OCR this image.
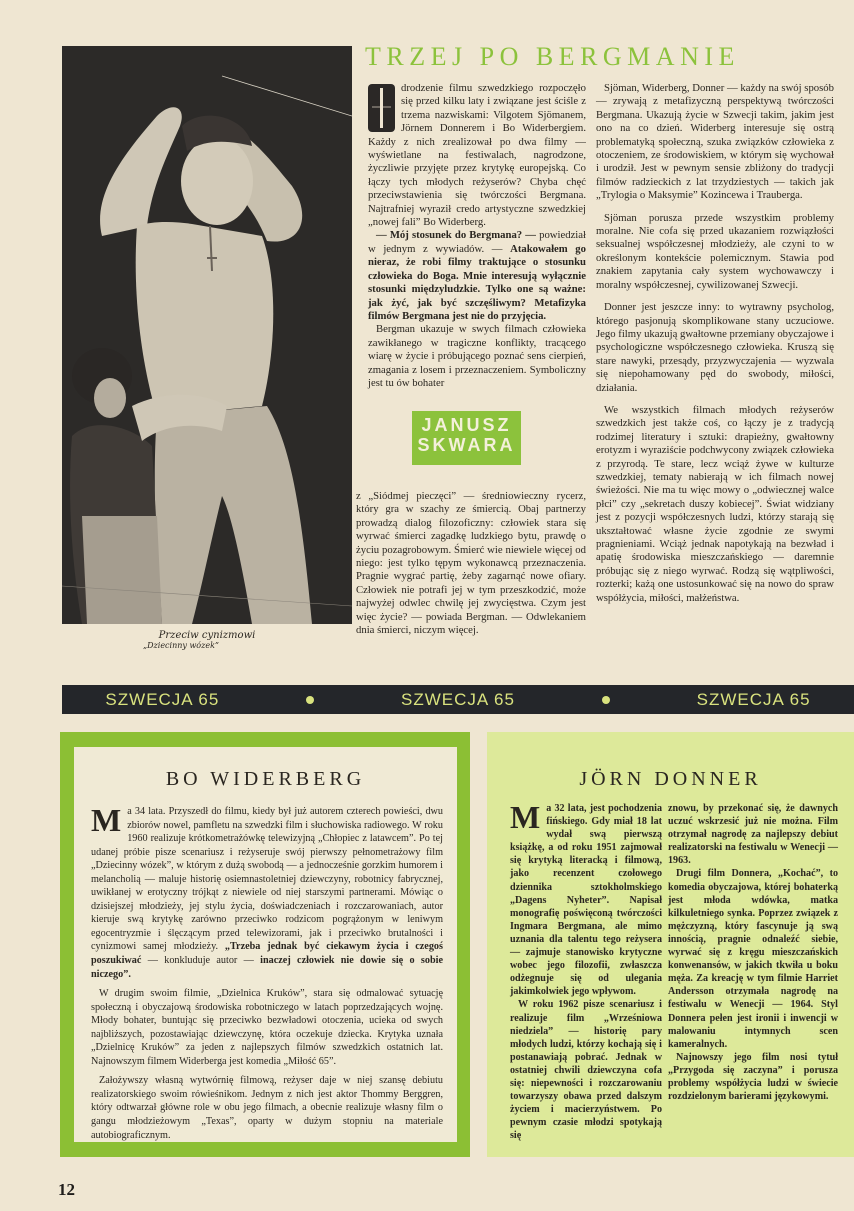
Przeciw cynizmowi
„Dziecinny wózek”
TRZEJ PO BERGMANIE

drodzenie filmu szwedzkiego rozpoczęło się przed kilku laty i związane jest ściśle z trzema nazwiskami: Vilgotem Sjömanem, Jörnem Donnerem i Bo Widerbergiem. Każdy z nich zrealizował po dwa filmy — wyświetlane na festiwalach, nagrodzone, życzliwie przyjęte przez krytykę europejską. Co łączy tych młodych reżyserów? Chyba chęć przeciwstawienia się twórczości Bergmana. Najtrafniej wyraził credo artystyczne szwedzkiej „nowej fali” Bo Widerberg.

— Mój stosunek do Bergmana? — powiedział w jednym z wywiadów. — Atakowałem go nieraz, że robi filmy traktujące o stosunku człowieka do Boga. Mnie interesują wyłącznie stosunki międzyludzkie. Tylko one są ważne: jak żyć, jak być szczęśliwym? Metafizyka filmów Bergmana jest nie do przyjęcia.

Bergman ukazuje w swych filmach człowieka zawikłanego w tragiczne konflikty, tracącego wiarę w życie i próbującego poznać sens cierpień, zmagania z losem i przeznaczeniem. Symboliczny jest tu ów bohater

JANUSZ
SKWARA

z „Siódmej pieczęci” — średniowieczny rycerz, który gra w szachy ze śmiercią. Obaj partnerzy prowadzą dialog filozoficzny: człowiek stara się wyrwać śmierci zagadkę ludzkiego bytu, prawdę o życiu pozagrobowym. Śmierć wie niewiele więcej od niego: jest tylko tępym wykonawcą przeznaczenia. Pragnie wygrać partię, żeby zagarnąć nowe ofiary. Człowiek nie potrafi jej w tym przeszkodzić, może najwyżej odwlec chwilę jej zwycięstwa. Czym jest więc życie? — powiada Bergman. — Odwlekaniem dnia śmierci, niczym więcej.

Sjöman, Widerberg, Donner — każdy na swój sposób — zrywają z metafizyczną perspektywą twórczości Bergmana. Ukazują życie w Szwecji takim, jakim jest ono na co dzień. Widerberg interesuje się ostrą problematyką społeczną, szuka związków człowieka z otoczeniem, ze środowiskiem, w którym się wychował i urodził. Jest w pewnym sensie zbliżony do tradycji filmów radzieckich z lat trzydziestych — takich jak „Trylogia o Maksymie” Kozincewa i Trauberga.

Sjöman porusza przede wszystkim problemy moralne. Nie cofa się przed ukazaniem rozwiązłości seksualnej współczesnej młodzieży, ale czyni to w określonym kontekście polemicznym. Stawia pod znakiem zapytania cały system wychowawczy i moralny współczesnej, cywilizowanej Szwecji.

Donner jest jeszcze inny: to wytrawny psycholog, którego pasjonują skomplikowane stany uczuciowe. Jego filmy ukazują gwałtowne przemiany obyczajowe i psychologiczne współczesnego człowieka. Kruszą się stare nawyki, przesądy, przyzwyczajenia — wyzwala się niepohamowany pęd do swobody, miłości, działania.

We wszystkich filmach młodych reżyserów szwedzkich jest także coś, co łączy je z tradycją rodzimej literatury i sztuki: drapieżny, gwałtowny erotyzm i wyraziście podchwycony związek człowieka z przyrodą. Te stare, lecz wciąż żywe w kulturze szwedzkiej, tematy nabierają w ich filmach nowej świeżości. Nie ma tu więc mowy o „odwiecznej walce płci” czy „sekretach duszy kobiecej”. Świat widziany jest z pozycji współczesnych ludzi, którzy starają się ukształtować własne życie zgodnie ze swymi pragnieniami. Wciąż jednak napotykają na bezwład i apatię środowiska mieszczańskiego — daremnie próbując się z niego wyrwać. Rodzą się wątpliwości, rozterki; każą one ustosunkować się na nowo do spraw współżycia, miłości, małżeństwa.

SZWECJA 65	SZWECJA 65	SZWECJA 65
BO WIDERBERG

Ma 34 lata. Przyszedł do filmu, kiedy był już autorem czterech powieści, dwu zbiorów nowel, pamfletu na szwedzki film i słuchowiska radiowego. W roku 1960 realizuje krótkometrażówkę telewizyjną „Chłopiec z latawcem”. Po tej udanej próbie pisze scenariusz i reżyseruje swój pierwszy pełnometrażowy film „Dziecinny wózek”, w którym z dużą swobodą — a jednocześnie gorzkim humorem i melancholią — maluje historię osiemnastoletniej dziewczyny, robotnicy fabrycznej, uwikłanej w erotyczny trójkąt z niewiele od niej starszymi partnerami. Mówiąc o dzisiejszej młodzieży, jej stylu życia, doświadczeniach i rozczarowaniach, autor kieruje swą krytykę zarówno przeciwko rodzicom pogrążonym w leniwym egocentryzmie i ślęczącym przed telewizorami, jak i przeciwko brutalności i cynizmowi samej młodzieży. „Trzeba jednak być ciekawym życia i czegoś poszukiwać — konkluduje autor — inaczej człowiek nie dowie się o sobie niczego”.

W drugim swoim filmie, „Dzielnica Kruków”, stara się odmalować sytuację społeczną i obyczajową środowiska robotniczego w latach poprzedzających wojnę. Młody bohater, buntując się przeciwko bezwładowi otoczenia, ucieka od swych najbliższych, pozostawiając dziewczynę, która oczekuje dziecka. Krytyka uznała „Dzielnicę Kruków” za jeden z najlepszych filmów szwedzkich ostatnich lat. Najnowszym filmem Widerberga jest komedia „Miłość 65”.

Założywszy własną wytwórnię filmową, reżyser daje w niej szansę debiutu realizatorskiego swoim rówieśnikom. Jednym z nich jest aktor Thommy Berggren, który odtwarzał główne role w obu jego filmach, a obecnie realizuje własny film o gangu młodzieżowym „Texas”, oparty w dużym stopniu na materiale autobiograficznym.

JÖRN DONNER

Ma 32 lata, jest pochodzenia fińskiego. Gdy miał 18 lat wydał swą pierwszą książkę, a od roku 1951 zajmował się krytyką literacką i filmową, jako recenzent czołowego dziennika sztokholmskiego „Dagens Nyheter”. Napisał monografię poświęconą twórczości Ingmara Bergmana, ale mimo uznania dla talentu tego reżysera — zajmuje stanowisko krytyczne wobec jego filozofii, zwłaszcza odżegnuje się od ulegania jakimkolwiek jego wpływom.

W roku 1962 pisze scenariusz i realizuje film „Wrześniowa niedziela” — historię pary młodych ludzi, którzy kochają się i postanawiają pobrać. Jednak w ostatniej chwili dziewczyna cofa się: niepewności i rozczarowaniu towarzyszy obawa przed dalszym życiem i macierzyństwem. Po pewnym czasie młodzi spotykają się

znowu, by przekonać się, że dawnych uczuć wskrzesić już nie można. Film otrzymał nagrodę za najlepszy debiut realizatorski na festiwalu w Wenecji — 1963.

Drugi film Donnera, „Kochać”, to komedia obyczajowa, której bohaterką jest młoda wdówka, matka kilkuletniego synka. Poprzez związek z mężczyzną, który fascynuje ją swą innością, pragnie odnaleźć siebie, wyrwać się z kręgu mieszczańskich konwenansów, w jakich tkwiła u boku męża. Za kreację w tym filmie Harriet Andersson otrzymała nagrodę na festiwalu w Wenecji — 1964. Styl Donnera pełen jest ironii i inwencji w malowaniu intymnych scen kameralnych.

Najnowszy jego film nosi tytuł „Przygoda się zaczyna” i porusza problemy współżycia ludzi w świecie rozdzielonym barierami językowymi.

12
